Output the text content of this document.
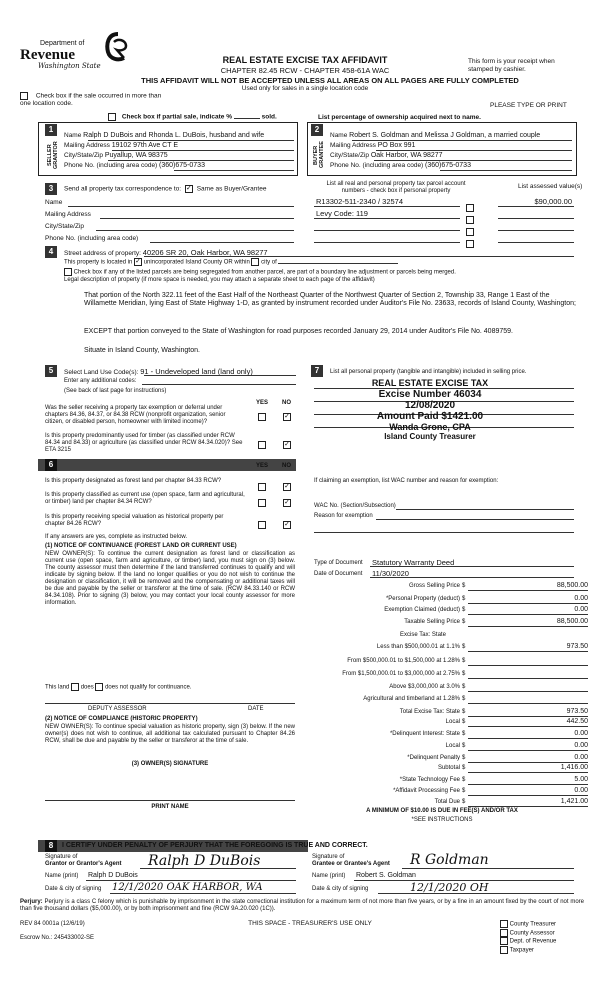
Department of
Revenue
Washington State
REAL ESTATE EXCISE TAX AFFIDAVIT
CHAPTER 82.45 RCW - CHAPTER 458-61A WAC
This form is your receipt when stamped by cashier.
THIS AFFIDAVIT WILL NOT BE ACCEPTED UNLESS ALL AREAS ON ALL PAGES ARE FULLY COMPLETED
Used only for sales in a single location code
Check box if the sale occurred in more than one location code.
Check box if partial sale, indicate %	sold.	List percentage of ownership acquired next to name.
PLEASE TYPE OR PRINT
1
SELLER GRANTOR
Name Ralph D DuBois and Rhonda L. DuBois, husband and wife
Mailing Address 19102 97th Ave CT E
City/State/Zip Puyallup, WA 98375
Phone No. (including area code) (360)675-0733
2
BUYER GRANTEE
Name Robert S. Goldman and Melissa J Goldman, a married couple
Mailing Address PO Box 991
City/State/Zip Oak Harbor, WA 98277
Phone No. (including area code) (360)675-0733
3	Send all property tax correspondence to: ✓ Same as Buyer/Grantee
Name
Mailing Address
City/State/Zip
Phone No. (including area code)
List all real and personal property tax parcel account numbers - check box if personal property
List assessed value(s)
R13302-511-2340 / 32574	$90,000.00
Levy Code: 119
4	Street address of property: 40206 SR 20, Oak Harbor, WA 98277
This property is located in ✓ unincorporated Island County OR within city of
Check box if any of the listed parcels are being segregated from another parcel, are part of a boundary line adjustment or parcels being merged.
Legal description of property (if more space is needed, you may attach a separate sheet to each page of the affidavit)
That portion of the North 322.11 feet of the East Half of the Northeast Quarter of the Northwest Quarter of Section 2, Township 33, Range 1 East of the Willamette Meridian, lying East of State Highway 1-D, as granted by instrument recorded under Auditor's File No. 23633, records of Island County, Washington;
EXCEPT that portion conveyed to the State of Washington for road purposes recorded January 29, 2014 under Auditor's File No. 4089759.
Situate in Island County, Washington.
5	Select Land Use Code(s): 91 - Undeveloped land (land only)
Enter any additional codes:
(See back of last page for instructions)
YES NO
Was the seller receiving a property tax exemption or deferral under chapters 84.36, 84.37, or 84.38 RCW (nonprofit organization, senior citizen, or disabled person, homeowner with limited income)?
✓
Is this property predominantly used for timber (as classified under RCW 84.34 and 84.33) or agriculture (as classified under RCW 84.34.020)? See ETA 3215
✓
6	YES NO
Is this property designated as forest land per chapter 84.33 RCW?
✓
Is this property classified as current use (open space, farm and agricultural, or timber) land per chapter 84.34 RCW?	✓
Is this property receiving special valuation as historical property per chapter 84.26 RCW?	✓
If any answers are yes, complete as instructed below.
(1) NOTICE OF CONTINUANCE (FOREST LAND OR CURRENT USE)
NEW OWNER(S): To continue the current designation as forest land or classification as current use (open space, farm and agriculture, or timber) land, you must sign on (3) below. The county assessor must then determine if the land transferred continues to qualify and will indicate by signing below. If the land no longer qualifies or you do not wish to continue the designation or classification, it will be removed and the compensating or additional taxes will be due and payable by the seller or transferor at the time of sale. (RCW 84.33.140 or RCW 84.34.108). Prior to signing (3) below, you may contact your local county assessor for more information.
This land does does not qualify for continuance.
DEPUTY ASSESSOR	DATE
(2) NOTICE OF COMPLIANCE (HISTORIC PROPERTY)
NEW OWNER(S): To continue special valuation as historic property, sign (3) below. If the new owner(s) does not wish to continue, all additional tax calculated pursuant to Chapter 84.26 RCW, shall be due and payable by the seller or transferor at the time of sale.
(3) OWNER(S) SIGNATURE
PRINT NAME
7	List all personal property (tangible and intangible) included in selling price.
REAL ESTATE EXCISE TAX
Excise Number 46034
12/08/2020
Amount Paid $1421.00
Wanda Grone, CPA
Island County Treasurer
If claiming an exemption, list WAC number and reason for exemption:
WAC No. (Section/Subsection)
Reason for exemption
Type of Document Statutory Warranty Deed
Date of Document 11/30/2020
Gross Selling Price $	88,500.00
*Personal Property (deduct) $	0.00
Exemption Claimed (deduct) $	0.00
Taxable Selling Price $	88,500.00
Less than $500,000.01 at 1.1% $	973.50
From $500,000.01 to $1,500,000 at 1.28% $
From $1,500,000.01 to $3,000,000 at 2.75% $
Above $3,000,000 at 3.0% $
Agricultural and timberland at 1.28% $
Total Excise Tax: State $	973.50
Local $	442.50
*Delinquent Interest: State $	0.00
Local $	0.00
*Delinquent Penalty $	0.00
Subtotal $	1,416.00
*State Technology Fee $	5.00
*Affidavit Processing Fee $	0.00
Total Due $	1,421.00
Excise Tax: State
A MINIMUM OF $10.00 IS DUE IN FEE(S) AND/OR TAX
*SEE INSTRUCTIONS
8	I CERTIFY UNDER PENALTY OF PERJURY THAT THE FOREGOING IS TRUE AND CORRECT.
Signature of
Grantor or Grantor's Agent Ralph D DuBois
Name (print) Ralph D DuBois
Date & city of signing 12/1/2020 OAK HARBOR, WA
Signature of
Grantee or Grantee's Agent R Goldman
Name (print) Robert S. Goldman
Date & city of signing	12/1/2020 OH
Perjury: Perjury is a class C felony which is punishable by imprisonment in the state correctional institution for a maximum term of not more than five years, or by a fine in an amount fixed by the court of not more than five thousand dollars ($5,000.00), or by both imprisonment and fine (RCW 9A.20.020 (1C)).
REV 84 0001a (12/6/19)	THIS SPACE - TREASURER'S USE ONLY
Escrow No.: 245433002-SE
County Treasurer
County Assessor
Dept. of Revenue
Taxpayer
